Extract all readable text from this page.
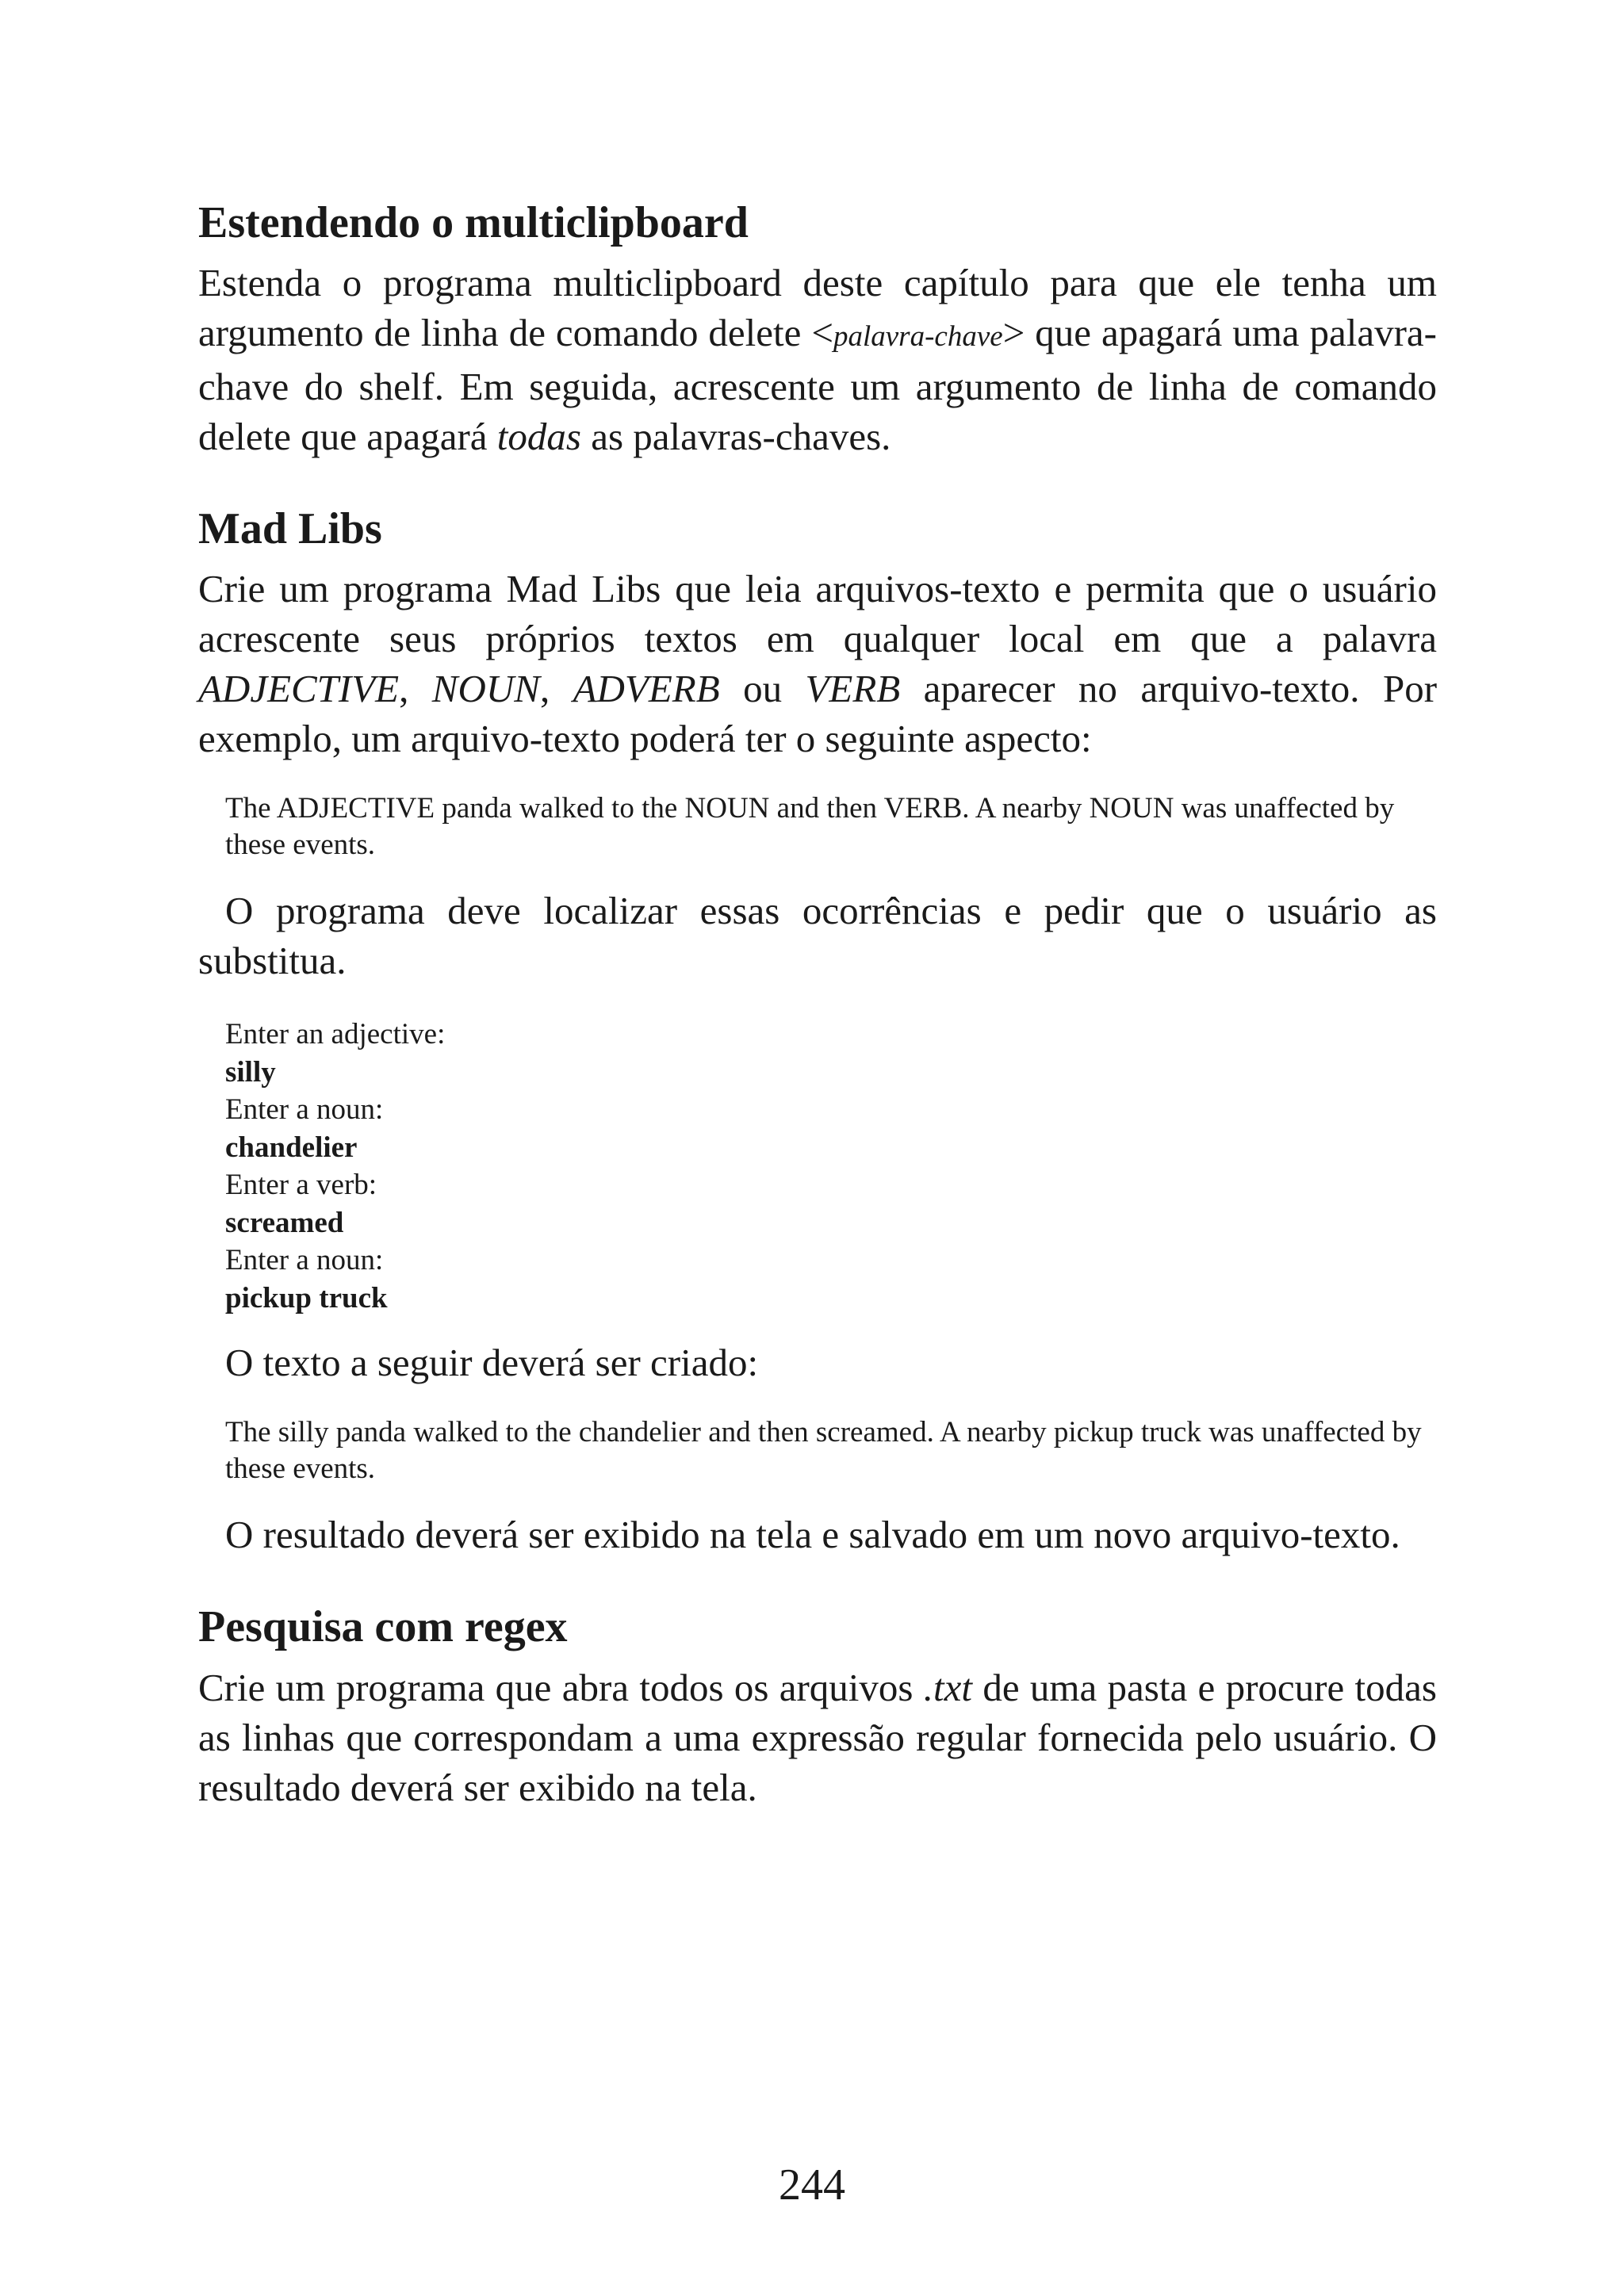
Estendendo o multiclipboard

Estenda o programa multiclipboard deste capítulo para que ele tenha um argumento de linha de comando delete <palavra-chave> que apagará uma palavra-chave do shelf. Em seguida, acrescente um argumento de linha de comando delete que apagará todas as palavras-chaves.

Mad Libs

Crie um programa Mad Libs que leia arquivos-texto e permita que o usuário acrescente seus próprios textos em qualquer local em que a palavra ADJECTIVE, NOUN, ADVERB ou VERB aparecer no arquivo-texto. Por exemplo, um arquivo-texto poderá ter o seguinte aspecto:

The ADJECTIVE panda walked to the NOUN and then VERB. A nearby NOUN was unaffected by these events.

O programa deve localizar essas ocorrências e pedir que o usuário as substitua.

Enter an adjective:
silly
Enter a noun:
chandelier
Enter a verb:
screamed
Enter a noun:
pickup truck

O texto a seguir deverá ser criado:

The silly panda walked to the chandelier and then screamed. A nearby pickup truck was unaffected by these events.

O resultado deverá ser exibido na tela e salvado em um novo arquivo-texto.

Pesquisa com regex

Crie um programa que abra todos os arquivos .txt de uma pasta e procure todas as linhas que correspondam a uma expressão regular fornecida pelo usuário. O resultado deverá ser exibido na tela.

244
